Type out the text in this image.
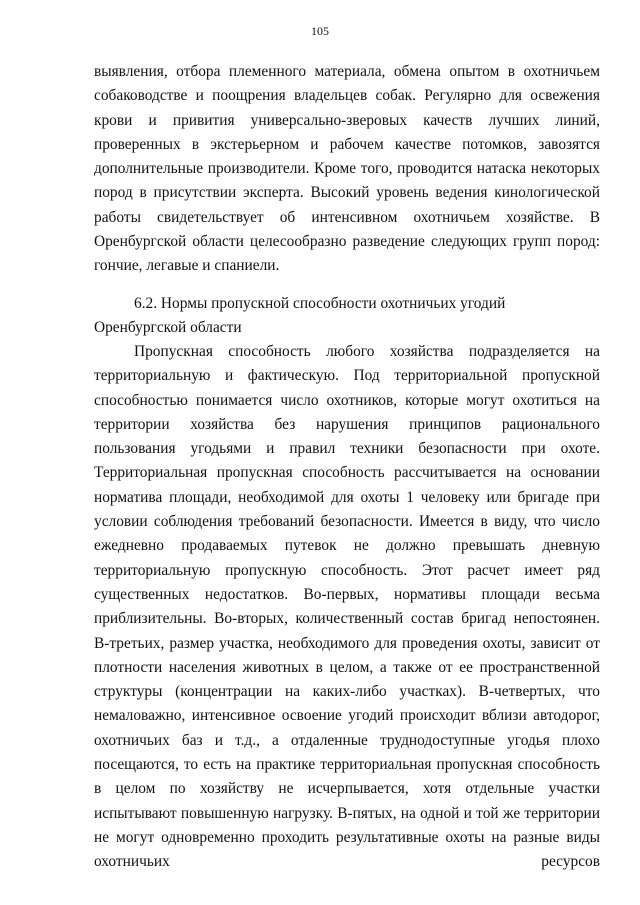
105

выявления, отбора племенного материала, обмена опытом в охотничьем собаководстве и поощрения владельцев собак. Регулярно для освежения крови и привития универсально-зверовых качеств лучших линий, проверенных в экстерьерном и рабочем качестве потомков, завозятся дополнительные производители. Кроме того, проводится натаска некоторых пород в присутствии эксперта. Высокий уровень ведения кинологической работы свидетельствует об интенсивном охотничьем хозяйстве. В Оренбургской области целесообразно разведение следующих групп пород: гончие, легавые и спаниели.

6.2. Нормы пропускной способности охотничьих угодий Оренбургской области

Пропускная способность любого хозяйства подразделяется на территориальную и фактическую. Под территориальной пропускной способностью понимается число охотников, которые могут охотиться на территории хозяйства без нарушения принципов рационального пользования угодьями и правил техники безопасности при охоте. Территориальная пропускная способность рассчитывается на основании норматива площади, необходимой для охоты 1 человеку или бригаде при условии соблюдения требований безопасности. Имеется в виду, что число ежедневно продаваемых путевок не должно превышать дневную территориальную пропускную способность. Этот расчет имеет ряд существенных недостатков. Во-первых, нормативы площади весьма приблизительны. Во-вторых, количественный состав бригад непостоянен. В-третьих, размер участка, необходимого для проведения охоты, зависит от плотности населения животных в целом, а также от ее пространственной структуры (концентрации на каких-либо участках). В-четвертых, что немаловажно, интенсивное освоение угодий происходит вблизи автодорог, охотничьих баз и т.д., а отдаленные труднодоступные угодья плохо посещаются, то есть на практике территориальная пропускная способность в целом по хозяйству не исчерпывается, хотя отдельные участки испытывают повышенную нагрузку. В-пятых, на одной и той же территории не могут одновременно проходить результативные охоты на разные виды охотничьих ресурсов
